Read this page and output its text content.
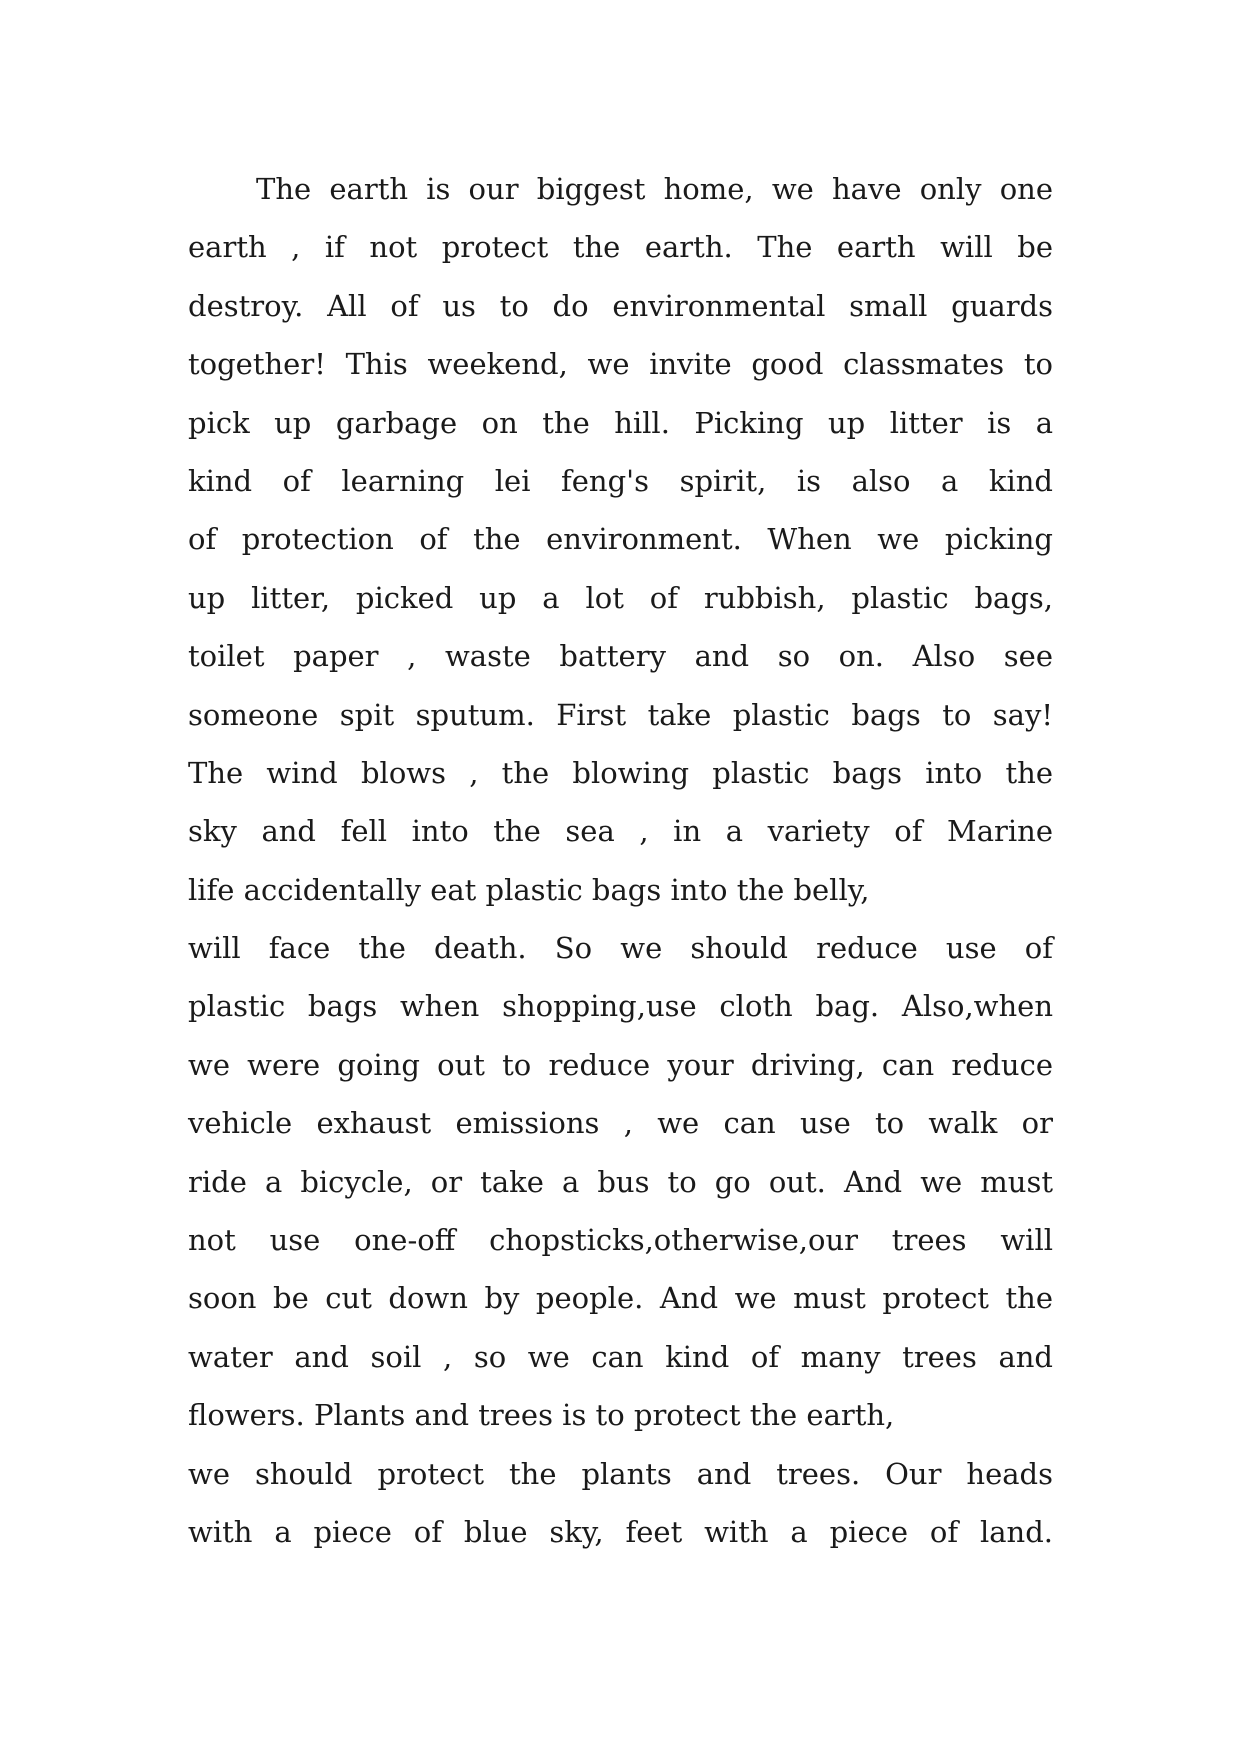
The earth is our biggest home, we have only one
earth , if not protect the earth. The earth will be
destroy. All of us to do environmental small guards
together! This weekend, we invite good classmates to
pick up garbage on the hill. Picking up litter is a
kind of learning lei feng's spirit, is also a kind
of protection of the environment. When we picking
up litter, picked up a lot of rubbish, plastic bags,
toilet paper , waste battery and so on. Also see
someone spit sputum. First take plastic bags to say!
The wind blows , the blowing plastic bags into the
sky and fell into the sea , in a variety of Marine
life accidentally eat plastic bags into the belly,
will face the death. So we should reduce use of
plastic bags when shopping,use cloth bag. Also,when
we were going out to reduce your driving, can reduce
vehicle exhaust emissions , we can use to walk or
ride a bicycle, or take a bus to go out. And we must
not use one-off chopsticks,otherwise,our trees will
soon be cut down by people. And we must protect the
water and soil , so we can kind of many trees and
flowers. Plants and trees is to protect the earth,
we should protect the plants and trees. Our heads
with a piece of blue sky, feet with a piece of land.
